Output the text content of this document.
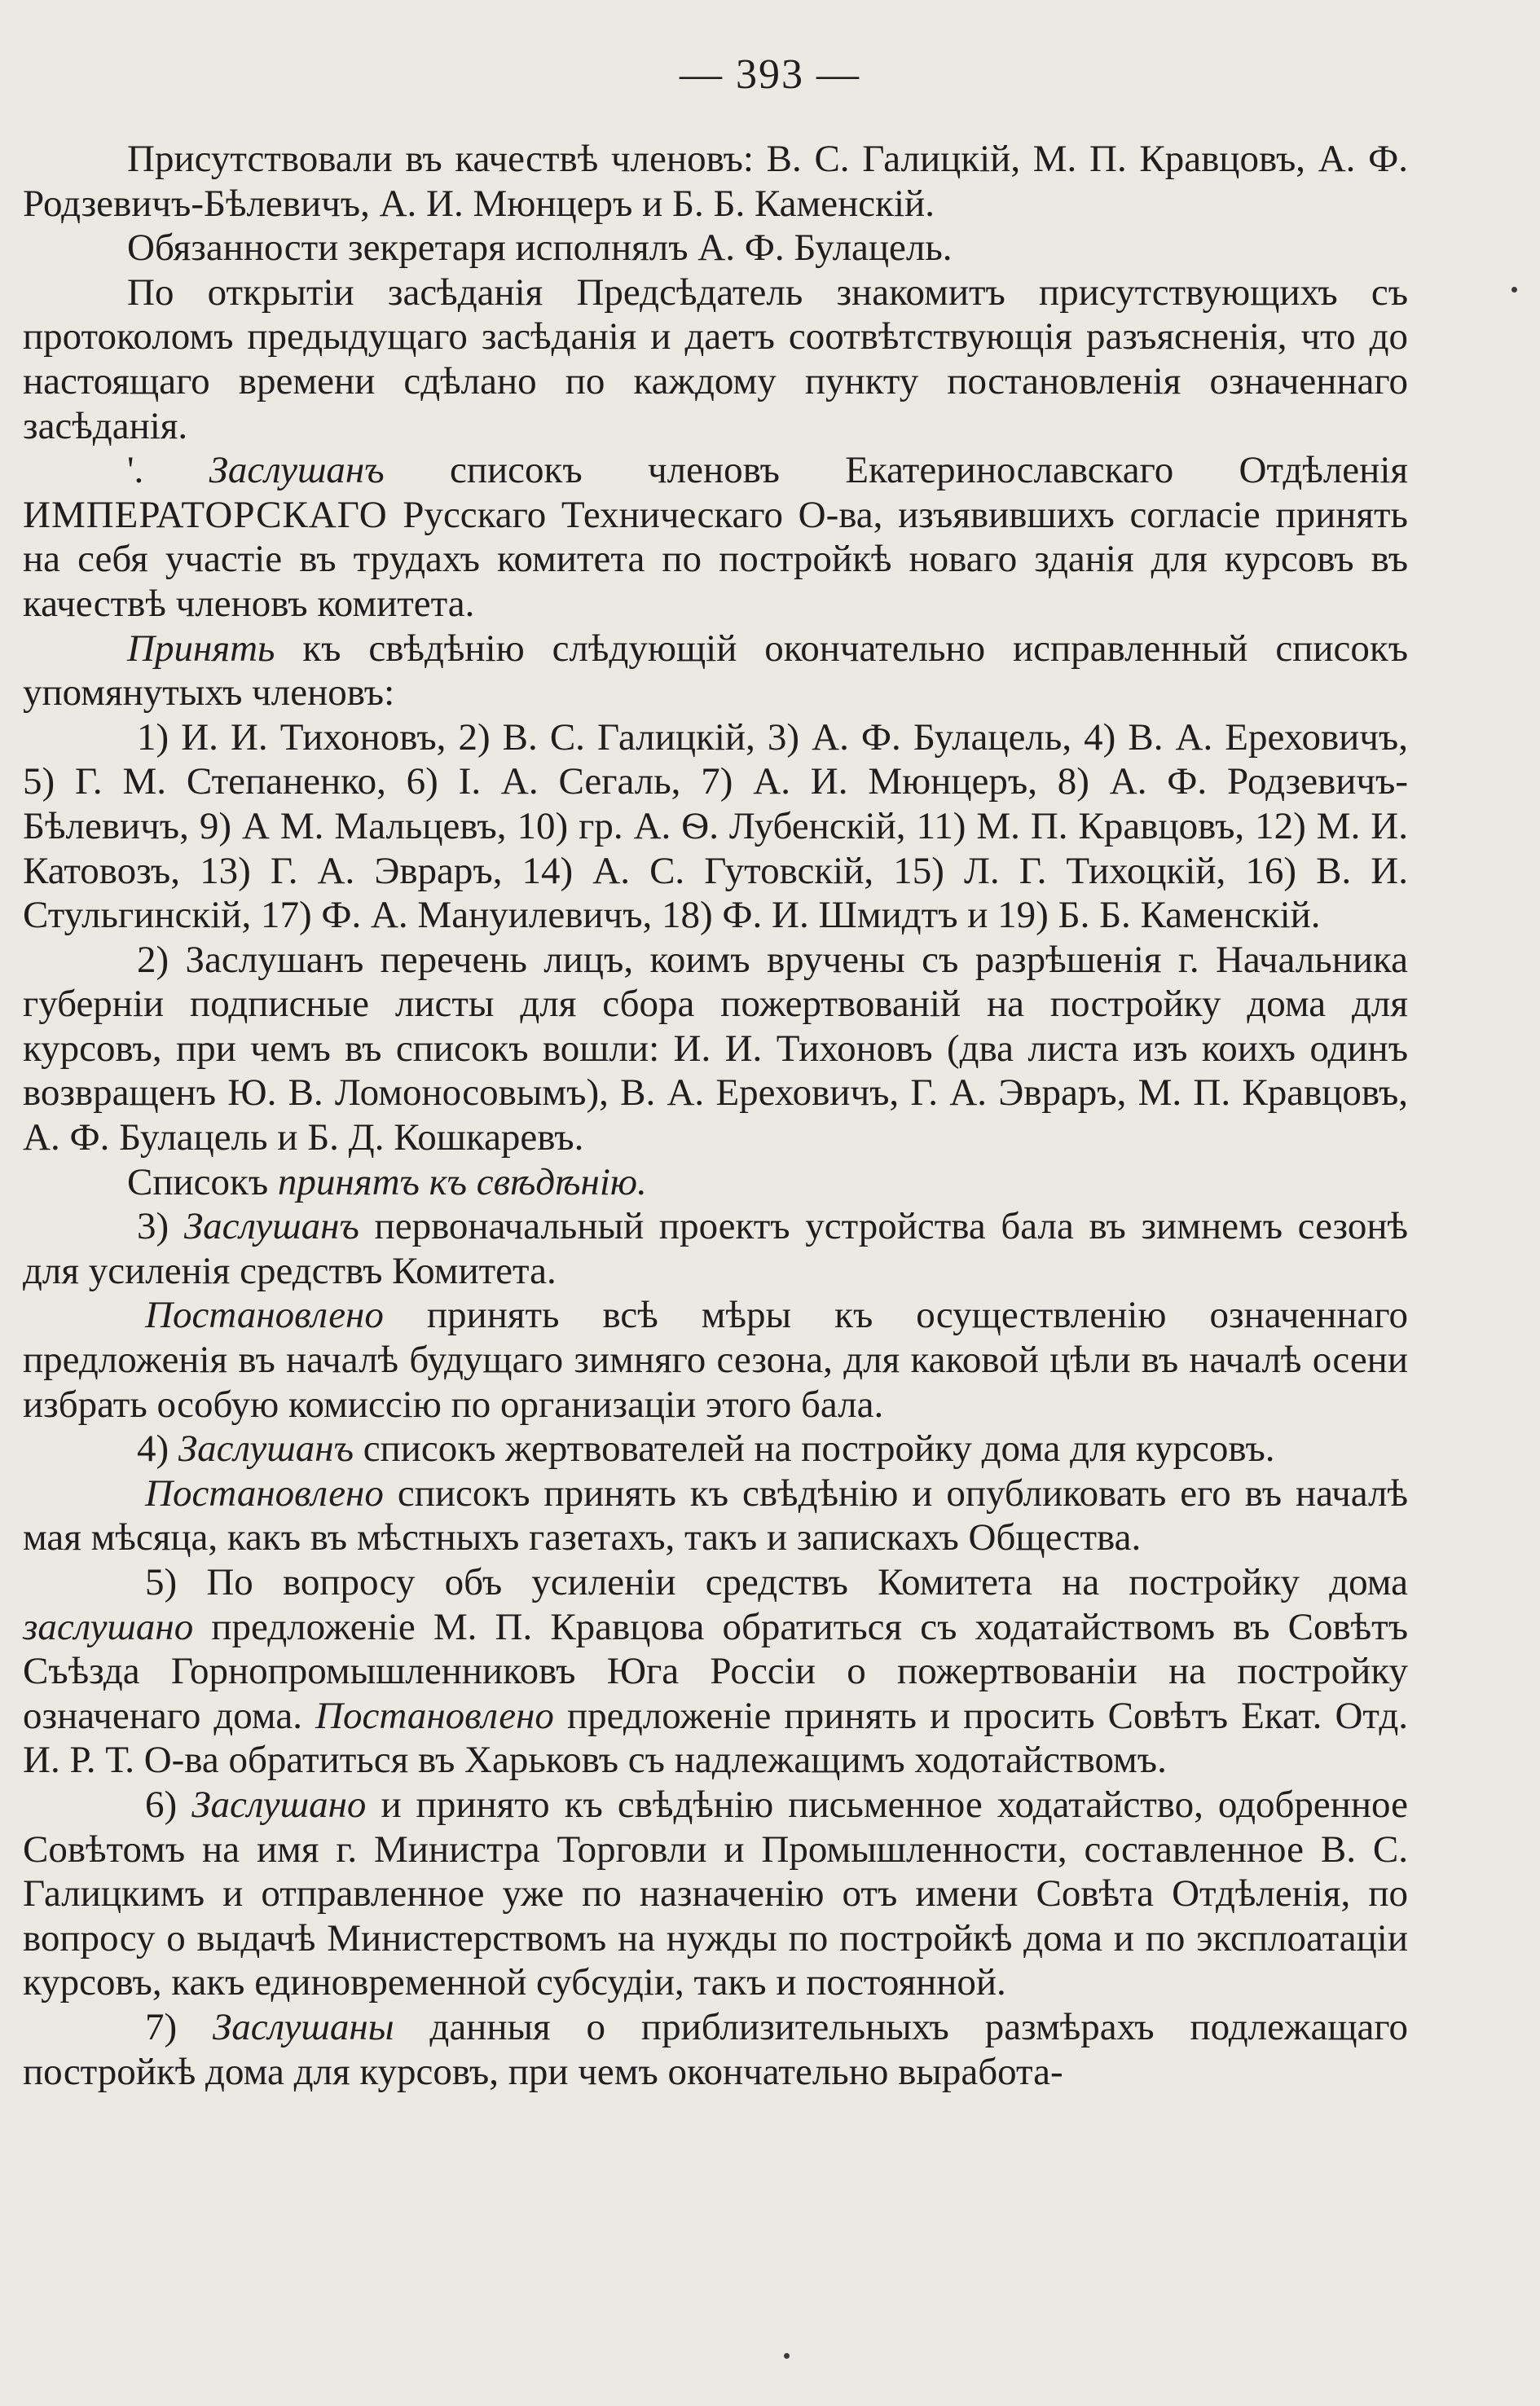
— 393 —

Присутствовали въ качествѣ членовъ: В. С. Галицкій, М. П. Кравцовъ, А. Ф. Родзевичъ-Бѣлевичъ, А. И. Мюнцеръ и Б. Б. Каменскій.

Обязанности зекретаря исполнялъ А. Ф. Булацель.

По открытіи засѣданія Предсѣдатель знакомитъ присутствующихъ съ протоколомъ предыдущаго засѣданія и даетъ соотвѣтствующія разъясненія, что до настоящаго времени сдѣлано по каждому пункту постановленія означеннаго засѣданія.

'. Заслушанъ списокъ членовъ Екатеринославскаго Отдѣленія ИМПЕРАТОРСКАГО Русскаго Техническаго О-ва, изъявившихъ согласіе принять на себя участіе въ трудахъ комитета по постройкѣ новаго зданія для курсовъ въ качествѣ членовъ комитета.

Принять къ свѣдѣнію слѣдующій окончательно исправленный списокъ упомянутыхъ членовъ:

1) И. И. Тихоновъ, 2) В. С. Галицкій, 3) А. Ф. Булацель, 4) В. А. Ереховичъ, 5) Г. М. Степаненко, 6) І. А. Сегаль, 7) А. И. Мюнцеръ, 8) А. Ф. Родзевичъ-Бѣлевичъ, 9) А М. Мальцевъ, 10) гр. А. Ѳ. Лубенскій, 11) М. П. Кравцовъ, 12) М. И. Катовозъ, 13) Г. А. Эвраръ, 14) А. С. Гутовскій, 15) Л. Г. Тихоцкій, 16) В. И. Стульгинскій, 17) Ф. А. Мануилевичъ, 18) Ф. И. Шмидтъ и 19) Б. Б. Каменскій.

2) Заслушанъ перечень лицъ, коимъ вручены съ разрѣшенія г. Начальника губерніи подписные листы для сбора пожертвованій на постройку дома для курсовъ, при чемъ въ списокъ вошли: И. И. Тихоновъ (два листа изъ коихъ одинъ возвращенъ Ю. В. Ломоносовымъ), В. А. Ереховичъ, Г. А. Эвраръ, М. П. Кравцовъ, А. Ф. Булацель и Б. Д. Кошкаревъ.

Списокъ принятъ къ свѣдѣнію.

3) Заслушанъ первоначальный проектъ устройства бала въ зимнемъ сезонѣ для усиленія средствъ Комитета.

Постановлено принять всѣ мѣры къ осуществленію означеннаго предложенія въ началѣ будущаго зимняго сезона, для каковой цѣли въ началѣ осени избрать особую комиссію по организаціи этого бала.

4) Заслушанъ списокъ жертвователей на постройку дома для курсовъ.

Постановлено списокъ принять къ свѣдѣнію и опубликовать его въ началѣ мая мѣсяца, какъ въ мѣстныхъ газетахъ, такъ и запискахъ Общества.

5) По вопросу объ усиленіи средствъ Комитета на постройку дома заслушано предложеніе М. П. Кравцова обратиться съ ходатайствомъ въ Совѣтъ Съѣзда Горнопромышленниковъ Юга Россіи о пожертвованіи на постройку означенаго дома. Постановлено предложеніе принять и просить Совѣтъ Екат. Отд. И. Р. Т. О-ва обратиться въ Харьковъ съ надлежащимъ ходотайствомъ.

6) Заслушано и принято къ свѣдѣнію письменное ходатайство, одобренное Совѣтомъ на имя г. Министра Торговли и Промышленности, составленное В. С. Галицкимъ и отправленное уже по назначенію отъ имени Совѣта Отдѣленія, по вопросу о выдачѣ Министерствомъ на нужды по постройкѣ дома и по эксплоатаціи курсовъ, какъ единовременной субсудіи, такъ и постоянной.

7) Заслушаны данныя о приблизительныхъ размѣрахъ подлежащаго постройкѣ дома для курсовъ, при чемъ окончательно выработа-
